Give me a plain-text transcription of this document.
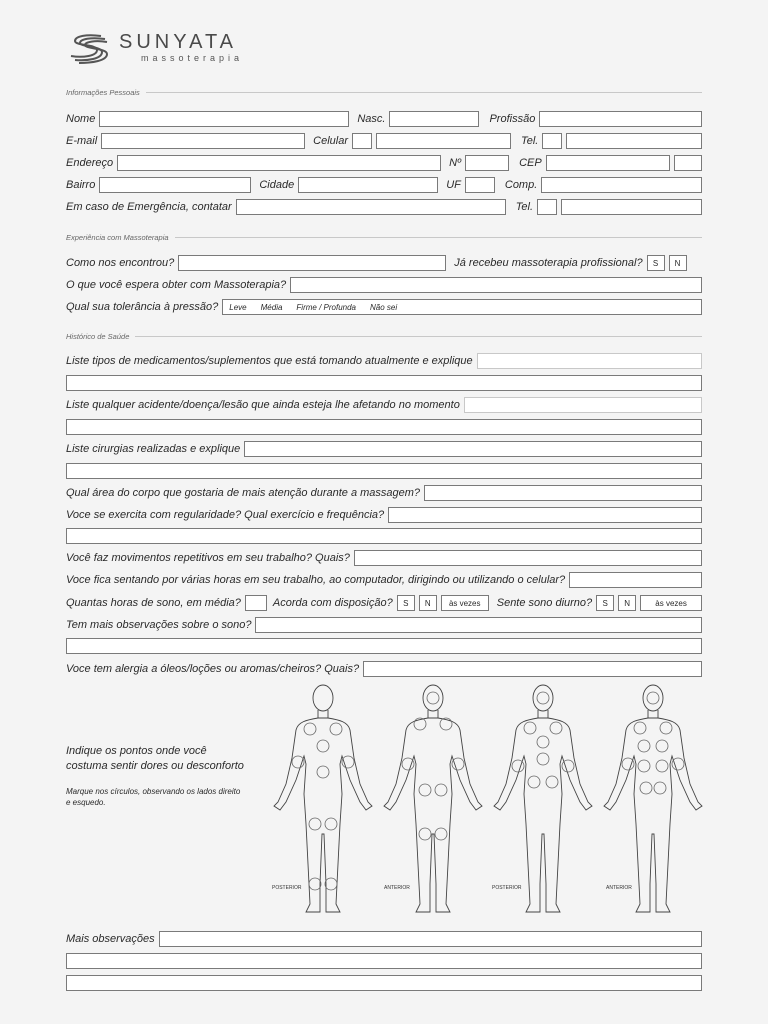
SUNYATA
massoterapia
Informações Pessoais
Nome	Nasc.	Profissão
E-mail	Celular	Tel.
Endereço	Nº	CEP
Bairro	Cidade	UF	Comp.
Em caso de Emergência, contatar	Tel.
Experiência com Massoterapia
Como nos encontrou?	Já recebeu massoterapia profissional?	S	N
O que você espera obter com Massoterapia?
Qual sua tolerância à pressão? Leve Média Firme / Profunda Não sei
Histórico de Saúde
Liste tipos de medicamentos/suplementos que está tomando atualmente e explique
Liste qualquer acidente/doença/lesão que ainda esteja lhe afetando no momento
Liste cirurgias realizadas e explique
Qual área do corpo que gostaria de mais atenção durante a massagem?
Voce se exercita com regularidade? Qual exercício e frequência?
Você faz movimentos repetitivos em seu trabalho? Quais?
Voce fica sentando por várias horas em seu trabalho, ao computador, dirigindo ou utilizando o celular?
Quantas horas de sono, em média?	Acorda com disposição?	S	N	às vezes	Sente sono diurno?	S	N	às vezes
Tem mais observações sobre o sono?
Voce tem alergia a óleos/loções ou aromas/cheiros? Quais?
Indique os pontos onde você costuma sentir dores ou desconforto
Marque nos círculos, observando os lados direito e esquedo.
POSTERIOR	ANTERIOR	POSTERIOR	ANTERIOR
Mais observações
